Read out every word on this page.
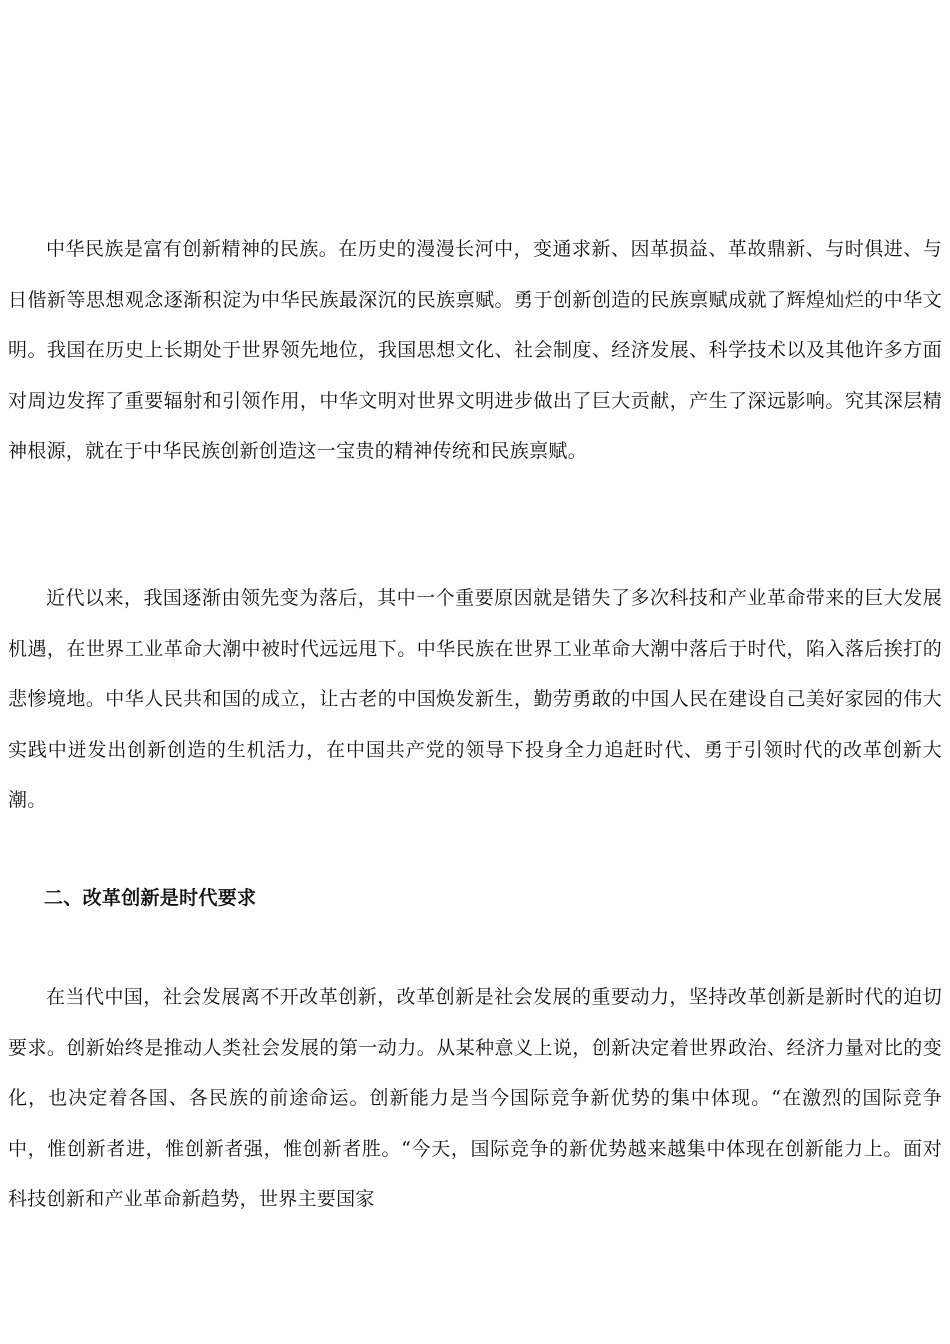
中华民族是富有创新精神的民族。在历史的漫漫长河中，变通求新、因革损益、革故鼎新、与时俱进、与日偕新等思想观念逐渐积淀为中华民族最深沉的民族禀赋。勇于创新创造的民族禀赋成就了辉煌灿烂的中华文明。我国在历史上长期处于世界领先地位，我国思想文化、社会制度、经济发展、科学技术以及其他许多方面对周边发挥了重要辐射和引领作用，中华文明对世界文明进步做出了巨大贡献，产生了深远影响。究其深层精神根源，就在于中华民族创新创造这一宝贵的精神传统和民族禀赋。

近代以来，我国逐渐由领先变为落后，其中一个重要原因就是错失了多次科技和产业革命带来的巨大发展机遇，在世界工业革命大潮中被时代远远甩下。中华民族在世界工业革命大潮中落后于时代，陷入落后挨打的悲惨境地。中华人民共和国的成立，让古老的中国焕发新生，勤劳勇敢的中国人民在建设自己美好家园的伟大实践中迸发出创新创造的生机活力，在中国共产党的领导下投身全力追赶时代、勇于引领时代的改革创新大潮。

二、改革创新是时代要求

在当代中国，社会发展离不开改革创新，改革创新是社会发展的重要动力，坚持改革创新是新时代的迫切要求。创新始终是推动人类社会发展的第一动力。从某种意义上说，创新决定着世界政治、经济力量对比的变化，也决定着各国、各民族的前途命运。创新能力是当今国际竞争新优势的集中体现。“在激烈的国际竞争中，惟创新者进，惟创新者强，惟创新者胜。“今天，国际竞争的新优势越来越集中体现在创新能力上。面对科技创新和产业革命新趋势，世界主要国家
